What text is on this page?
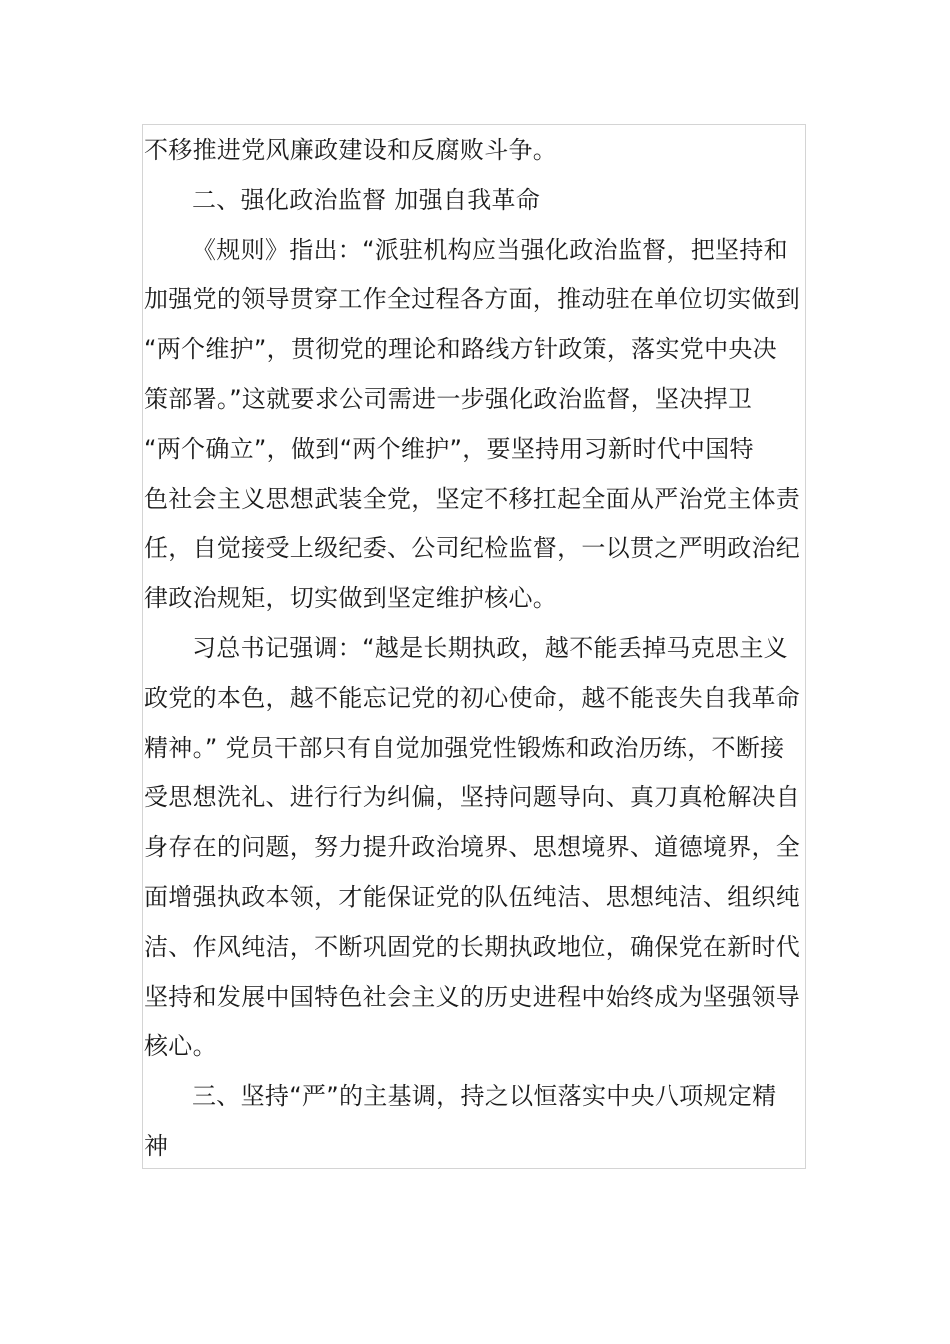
不移推进党风廉政建设和反腐败斗争。
二、强化政治监督 加强自我革命
《规则》指出：“派驻机构应当强化政治监督，把坚持和
加强党的领导贯穿工作全过程各方面，推动驻在单位切实做到
“两个维护”，贯彻党的理论和路线方针政策，落实党中央决
策部署。”这就要求公司需进一步强化政治监督，坚决捍卫
“两个确立”，做到“两个维护”，要坚持用习新时代中国特
色社会主义思想武装全党，坚定不移扛起全面从严治党主体责
任，自觉接受上级纪委、公司纪检监督，一以贯之严明政治纪
律政治规矩，切实做到坚定维护核心。
习总书记强调：“越是长期执政，越不能丢掉马克思主义
政党的本色，越不能忘记党的初心使命，越不能丧失自我革命
精神。” 党员干部只有自觉加强党性锻炼和政治历练，不断接
受思想洗礼、进行行为纠偏，坚持问题导向、真刀真枪解决自
身存在的问题，努力提升政治境界、思想境界、道德境界，全
面增强执政本领，才能保证党的队伍纯洁、思想纯洁、组织纯
洁、作风纯洁，不断巩固党的长期执政地位，确保党在新时代
坚持和发展中国特色社会主义的历史进程中始终成为坚强领导
核心。
三、坚持“严”的主基调，持之以恒落实中央八项规定精
神
